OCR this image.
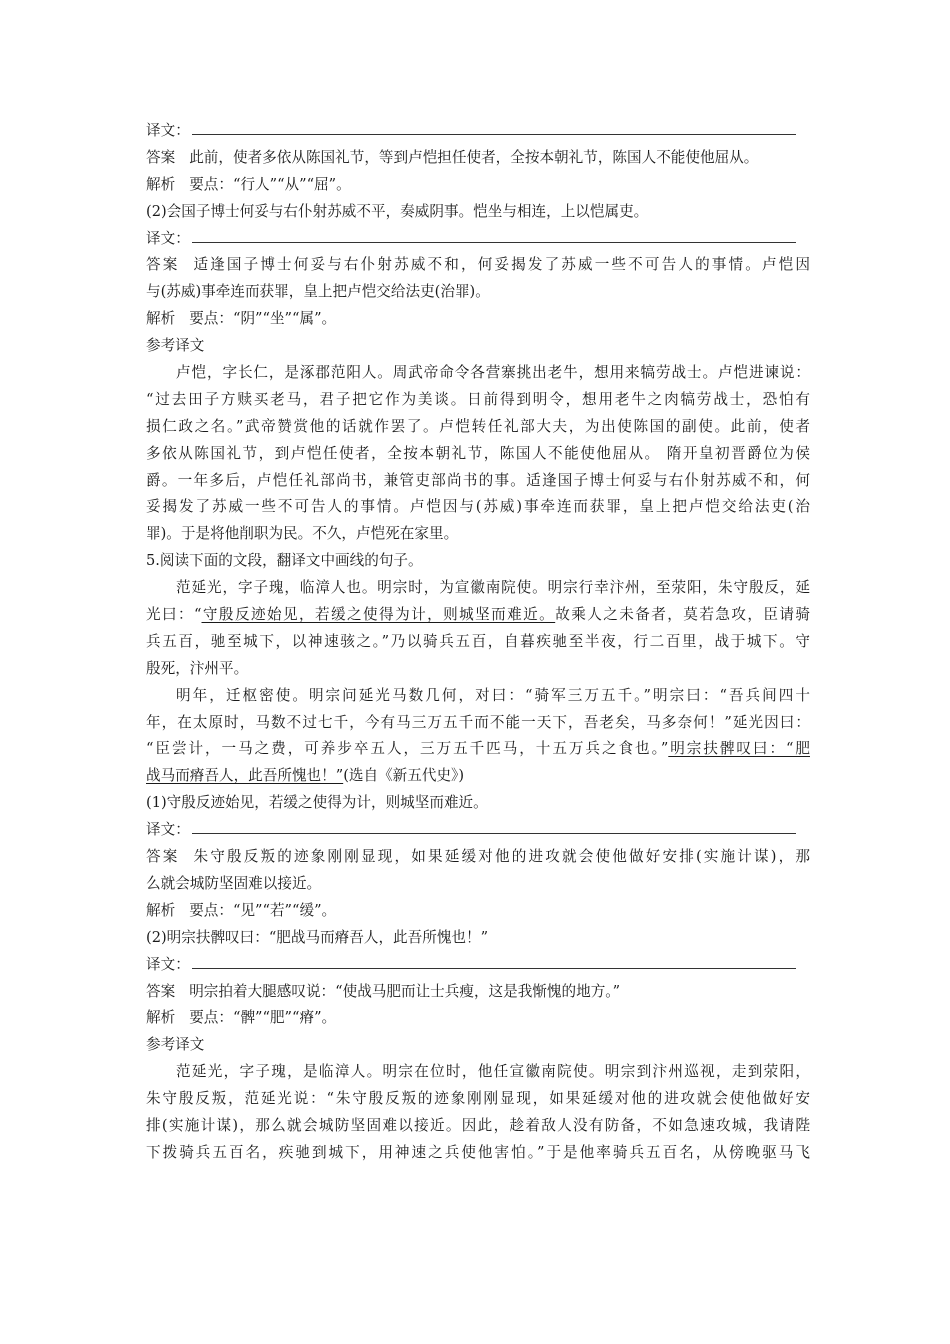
译文：
答案 此前，使者多依从陈国礼节，等到卢恺担任使者，全按本朝礼节，陈国人不能使他屈从。
解析 要点：“行人”“从”“屈”。
(2)会国子博士何妥与右仆射苏威不平，奏威阴事。恺坐与相连，上以恺属吏。
译文：
答案 适逢国子博士何妥与右仆射苏威不和，何妥揭发了苏威一些不可告人的事情。卢恺因
与(苏威)事牵连而获罪，皇上把卢恺交给法吏(治罪)。
解析 要点：“阴”“坐”“属”。
参考译文
卢恺，字长仁，是涿郡范阳人。周武帝命令各营寨挑出老牛，想用来犒劳战士。卢恺进谏说：
“过去田子方赎买老马，君子把它作为美谈。日前得到明令，想用老牛之肉犒劳战士，恐怕有
损仁政之名。”武帝赞赏他的话就作罢了。卢恺转任礼部大夫，为出使陈国的副使。此前，使者
多依从陈国礼节，到卢恺任使者，全按本朝礼节，陈国人不能使他屈从。 隋开皇初晋爵位为侯
爵。一年多后，卢恺任礼部尚书，兼管吏部尚书的事。适逢国子博士何妥与右仆射苏威不和，何
妥揭发了苏威一些不可告人的事情。卢恺因与(苏威)事牵连而获罪，皇上把卢恺交给法吏(治
罪)。于是将他削职为民。不久，卢恺死在家里。
5.阅读下面的文段，翻译文中画线的句子。
范延光，字子瑰，临漳人也。明宗时，为宣徽南院使。明宗行幸汴州，至荥阳，朱守殷反，延
光曰：“守殷反迹始见，若缓之使得为计，则城坚而难近。故乘人之未备者，莫若急攻，臣请骑
兵五百，驰至城下，以神速骇之。”乃以骑兵五百，自暮疾驰至半夜，行二百里，战于城下。守
殷死，汴州平。
明年，迁枢密使。明宗问延光马数几何，对曰：“骑军三万五千。”明宗曰：“吾兵间四十
年，在太原时，马数不过七千，今有马三万五千而不能一天下，吾老矣，马多奈何！”延光因曰：
“臣尝计，一马之费，可养步卒五人，三万五千匹马，十五万兵之食也。”明宗扶髀叹曰：“肥
战马而瘠吾人，此吾所愧也！”(选自《新五代史》)
(1)守殷反迹始见，若缓之使得为计，则城坚而难近。
译文：
答案 朱守殷反叛的迹象刚刚显现，如果延缓对他的进攻就会使他做好安排(实施计谋)，那
么就会城防坚固难以接近。
解析 要点：“见”“若”“缓”。
(2)明宗扶髀叹曰：“肥战马而瘠吾人，此吾所愧也！”
译文：
答案 明宗拍着大腿感叹说：“使战马肥而让士兵瘦，这是我惭愧的地方。”
解析 要点：“髀”“肥”“瘠”。
参考译文
范延光，字子瑰，是临漳人。明宗在位时，他任宣徽南院使。明宗到汴州巡视，走到荥阳，
朱守殷反叛，范延光说：“朱守殷反叛的迹象刚刚显现，如果延缓对他的进攻就会使他做好安
排(实施计谋)，那么就会城防坚固难以接近。因此，趁着敌人没有防备，不如急速攻城，我请陛
下拨骑兵五百名，疾驰到城下，用神速之兵使他害怕。”于是他率骑兵五百名，从傍晚驱马飞
